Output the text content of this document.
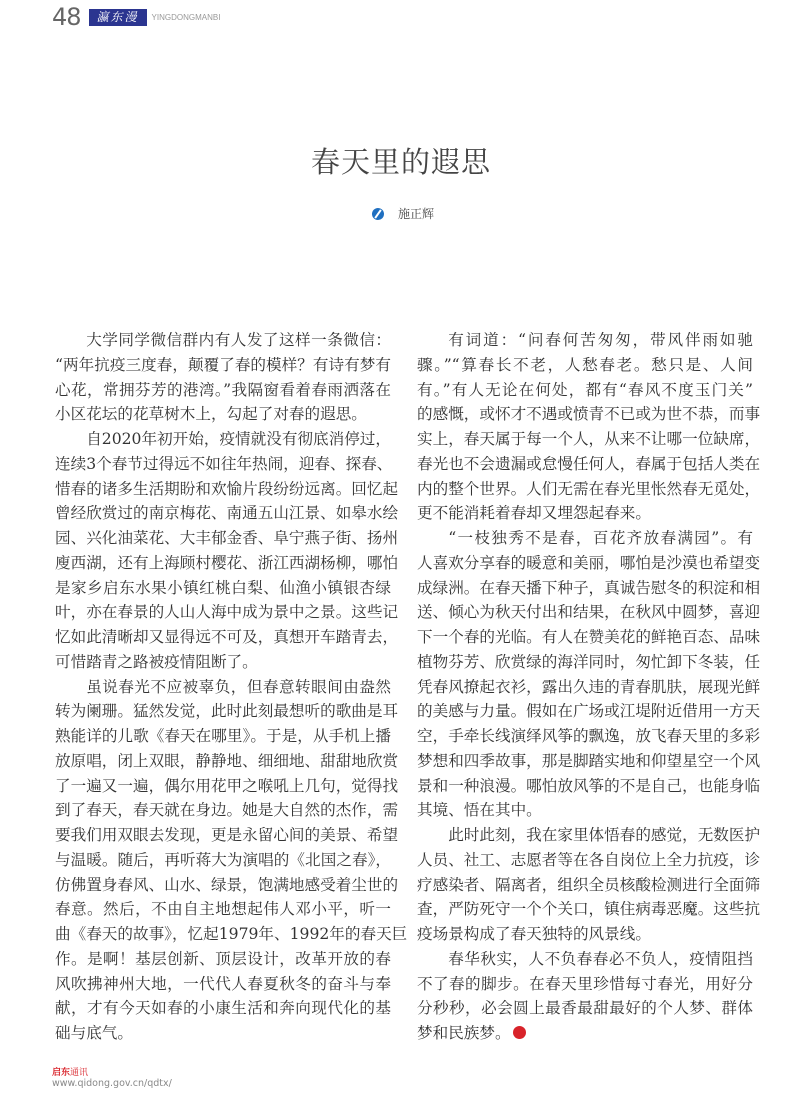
48	瀛东漫笔
YINGDONGMANBI
春天里的遐思
施正辉
大学同学微信群内有人发了这样一条微信：
“两年抗疫三度春，颠覆了春的模样？有诗有梦有
心花，常拥芬芳的港湾。”我隔窗看着春雨洒落在
小区花坛的花草树木上，勾起了对春的遐思。
自2020年初开始，疫情就没有彻底消停过，
连续3个春节过得远不如往年热闹，迎春、探春、
惜春的诸多生活期盼和欢愉片段纷纷远离。回忆起
曾经欣赏过的南京梅花、南通五山江景、如皋水绘
园、兴化油菜花、大丰郁金香、阜宁燕子街、扬州
廋西湖，还有上海顾村樱花、浙江西湖杨柳，哪怕
是家乡启东水果小镇红桃白梨、仙渔小镇银杏绿
叶，亦在春景的人山人海中成为景中之景。这些记
忆如此清晰却又显得远不可及，真想开车踏青去，
可惜踏青之路被疫情阻断了。
虽说春光不应被辜负，但春意转眼间由盎然
转为阑珊。猛然发觉，此时此刻最想听的歌曲是耳
熟能详的儿歌《春天在哪里》。于是，从手机上播
放原唱，闭上双眼，静静地、细细地、甜甜地欣赏
了一遍又一遍，偶尔用花甲之喉吼上几句，觉得找
到了春天，春天就在身边。她是大自然的杰作，需
要我们用双眼去发现，更是永留心间的美景、希望
与温暖。随后，再听蒋大为演唱的《北国之春》，
仿佛置身春风、山水、绿景，饱满地感受着尘世的
春意。然后，不由自主地想起伟人邓小平，听一
曲《春天的故事》，忆起1979年、1992年的春天巨
作。是啊！基层创新、顶层设计，改革开放的春
风吹拂神州大地，一代代人春夏秋冬的奋斗与奉
献，才有今天如春的小康生活和奔向现代化的基
础与底气。
有词道：“问春何苦匆匆，带风伴雨如驰
骤。”“算春长不老，人愁春老。愁只是、人间
有。”有人无论在何处，都有“春风不度玉门关”
的感慨，或怀才不遇或愤青不已或为世不恭，而事
实上，春天属于每一个人，从来不让哪一位缺席，
春光也不会遗漏或怠慢任何人，春属于包括人类在
内的整个世界。人们无需在春光里怅然春无觅处，
更不能消耗着春却又埋怨起春来。
“一枝独秀不是春，百花齐放春满园”。有
人喜欢分享春的暖意和美丽，哪怕是沙漠也希望变
成绿洲。在春天播下种子，真诚告慰冬的积淀和相
送、倾心为秋天付出和结果，在秋风中圆梦，喜迎
下一个春的光临。有人在赞美花的鲜艳百态、品味
植物芬芳、欣赏绿的海洋同时，匆忙卸下冬装，任
凭春风撩起衣衫，露出久违的青春肌肤，展现光鲜
的美感与力量。假如在广场或江堤附近借用一方天
空，手牵长线演绎风筝的飘逸，放飞春天里的多彩
梦想和四季故事，那是脚踏实地和仰望星空一个风
景和一种浪漫。哪怕放风筝的不是自己，也能身临
其境、悟在其中。
此时此刻，我在家里体悟春的感觉，无数医护
人员、社工、志愿者等在各自岗位上全力抗疫，诊
疗感染者、隔离者，组织全员核酸检测进行全面筛
查，严防死守一个个关口，镇住病毒恶魔。这些抗
疫场景构成了春天独特的风景线。
春华秋实，人不负春春必不负人，疫情阻挡
不了春的脚步。在春天里珍惜每寸春光，用好分
分秒秒，必会圆上最香最甜最好的个人梦、群体
梦和民族梦。
启东通讯
www.qidong.gov.cn/qdtx/
